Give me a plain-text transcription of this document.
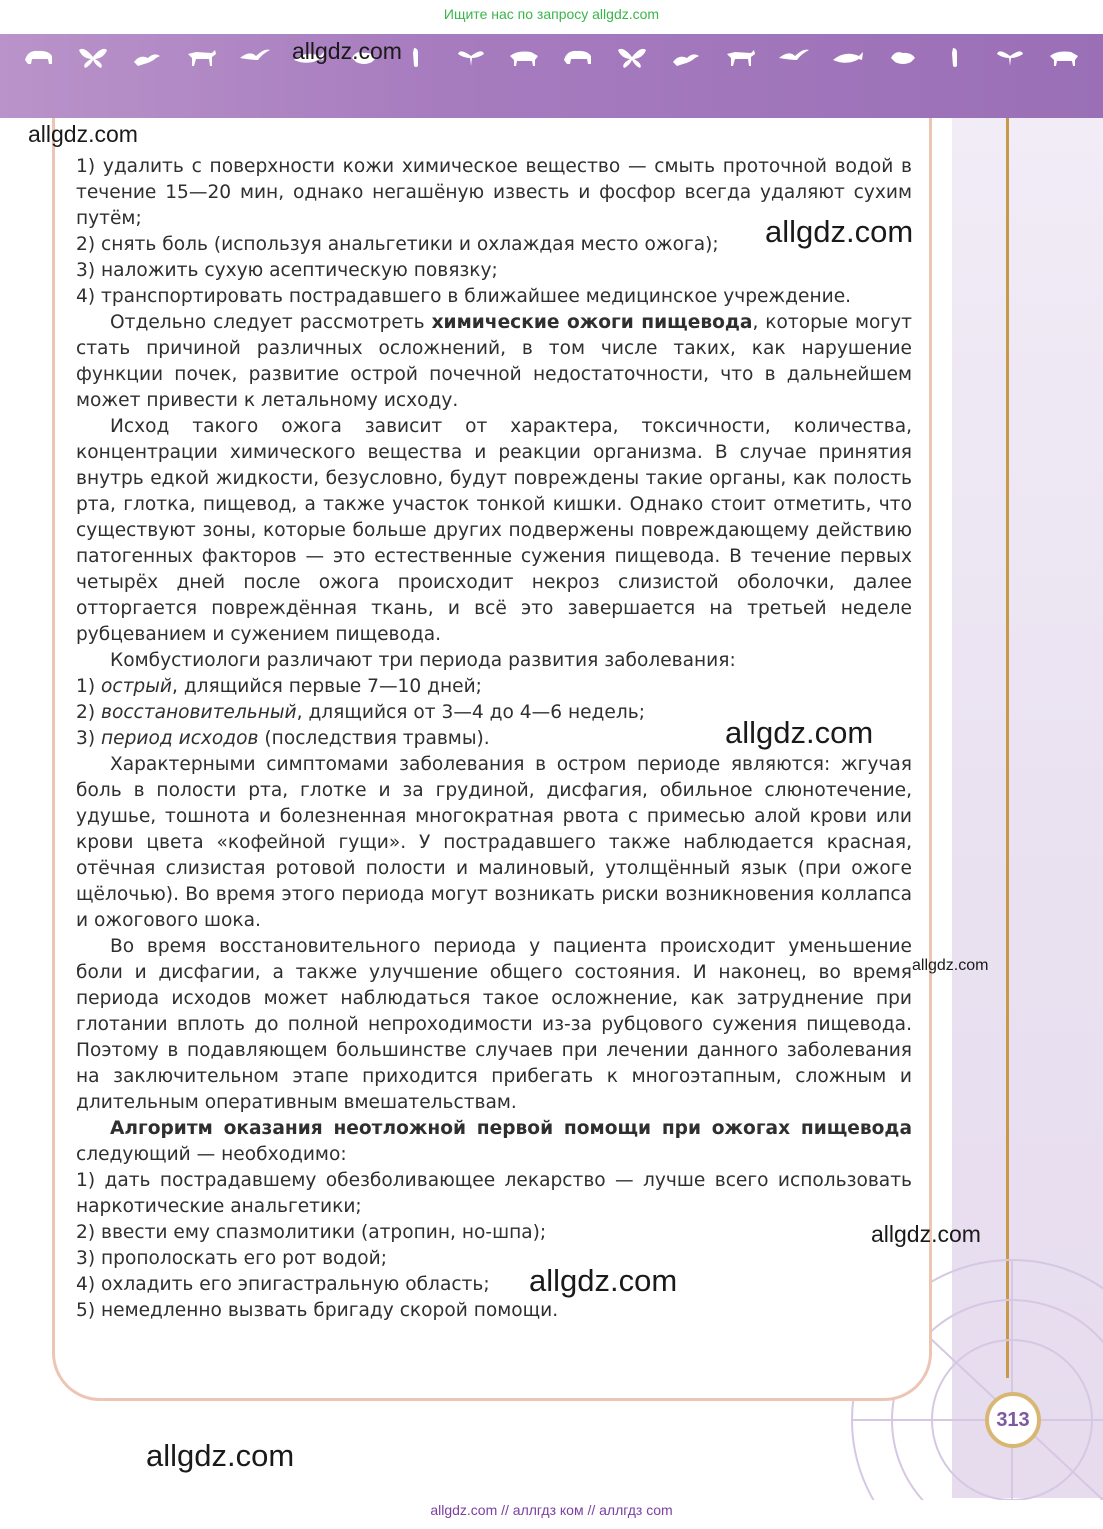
Ищите нас по запросу allgdz.com

1) удалить с поверхности кожи химическое вещество — смыть проточной водой в течение 15—20 мин, однако негашёную известь и фосфор всегда удаляют сухим путём;

2) снять боль (используя анальгетики и охлаждая место ожога);

3) наложить сухую асептическую повязку;

4) транспортировать пострадавшего в ближайшее медицинское учреждение.

Отдельно следует рассмотреть химические ожоги пищевода, которые могут стать причиной различных осложнений, в том числе таких, как нарушение функции почек, развитие острой почечной недостаточности, что в дальнейшем может привести к летальному исходу.

Исход такого ожога зависит от характера, токсичности, количества, концентрации химического вещества и реакции организма. В случае принятия внутрь едкой жидкости, безусловно, будут повреждены такие органы, как полость рта, глотка, пищевод, а также участок тонкой кишки. Однако стоит отметить, что существуют зоны, которые больше других подвержены повреждающему действию патогенных факторов — это естественные сужения пищевода. В течение первых четырёх дней после ожога происходит некроз слизистой оболочки, далее отторгается повреждённая ткань, и всё это завершается на третьей неделе рубцеванием и сужением пищевода.

Комбустиологи различают три периода развития заболевания:

1) острый, длящийся первые 7—10 дней;

2) восстановительный, длящийся от 3—4 до 4—6 недель;

3) период исходов (последствия травмы).

Характерными симптомами заболевания в остром периоде являются: жгучая боль в полости рта, глотке и за грудиной, дисфагия, обильное слюнотечение, удушье, тошнота и болезненная многократная рвота с примесью алой крови или крови цвета «кофейной гущи». У пострадавшего также наблюдается красная, отёчная слизистая ротовой полости и малиновый, утолщённый язык (при ожоге щёлочью). Во время этого периода могут возникать риски возникновения коллапса и ожогового шока.

Во время восстановительного периода у пациента происходит уменьшение боли и дисфагии, а также улучшение общего состояния. И наконец, во время периода исходов может наблюдаться такое осложнение, как затруднение при глотании вплоть до полной непроходимости из-за рубцового сужения пищевода. Поэтому в подавляющем большинстве случаев при лечении данного заболевания на заключительном этапе приходится прибегать к многоэтапным, сложным и длительным оперативным вмешательствам.

Алгоритм оказания неотложной первой помощи при ожогах пищевода следующий — необходимо:

1) дать пострадавшему обезболивающее лекарство — лучше всего использовать наркотические анальгетики;

2) ввести ему спазмолитики (атропин, но-шпа);

3) прополоскать его рот водой;

4) охладить его эпигастральную область;

5) немедленно вызвать бригаду скорой помощи.

allgdz.com
allgdz.com
allgdz.com
allgdz.com
allgdz.com
allgdz.com
allgdz.com
allgdz.com
313
allgdz.com // аллгдз ком // аллгдз com
